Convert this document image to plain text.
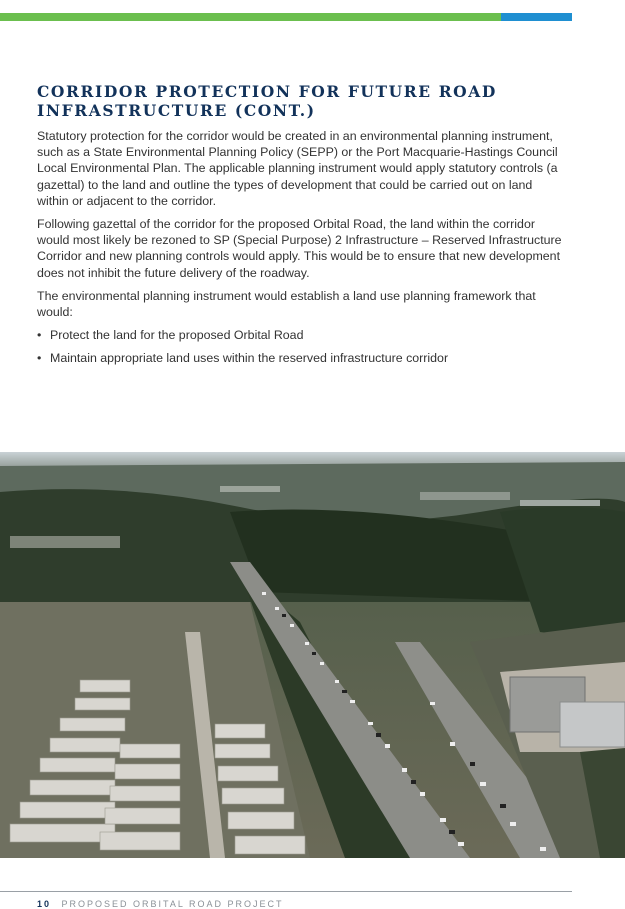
CORRIDOR PROTECTION FOR FUTURE ROAD
INFRASTRUCTURE (CONT.)

Statutory protection for the corridor would be created in an environmental planning instrument, such as a State Environmental Planning Policy (SEPP) or the Port Macquarie-Hastings Council Local Environmental Plan. The applicable planning instrument would apply statutory controls (a gazettal) to the land and outline the types of development that could be carried out on land within or adjacent to the corridor.

Following gazettal of the corridor for the proposed Orbital Road, the land within the corridor would most likely be rezoned to SP (Special Purpose) 2 Infrastructure – Reserved Infrastructure Corridor and new planning controls would apply. This would be to ensure that new development does not inhibit the future delivery of the roadway.

The environmental planning instrument would establish a land use planning framework that would:

• Protect the land for the proposed Orbital Road
• Maintain appropriate land uses within the reserved infrastructure corridor
10 PROPOSED ORBITAL ROAD PROJECT
